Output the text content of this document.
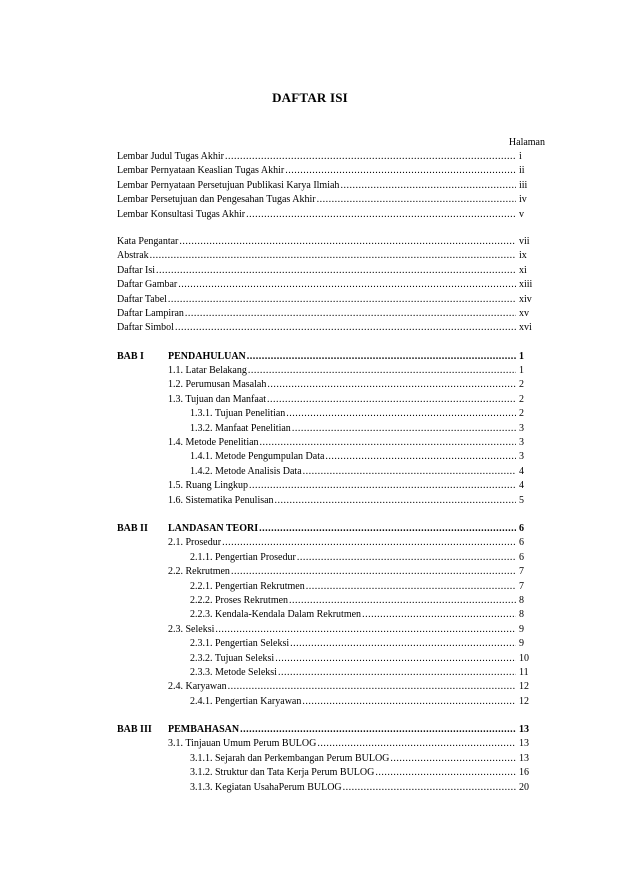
DAFTAR ISI
Halaman
Lembar Judul Tugas Akhir .....	i
Lembar Pernyataan Keaslian Tugas Akhir .....	ii
Lembar Pernyataan Persetujuan Publikasi Karya Ilmiah .....	iii
Lembar Persetujuan dan Pengesahan Tugas Akhir .....	iv
Lembar Konsultasi Tugas Akhir .....	v
Kata Pengantar .....	vii
Abstrak .....	ix
Daftar Isi .....	xi
Daftar Gambar .....	xiii
Daftar Tabel .....	xiv
Daftar Lampiran .....	xv
Daftar Simbol .....	xvi
BAB I PENDAHULUAN .....	1
1.1. Latar Belakang .....	1
1.2. Perumusan Masalah .....	2
1.3. Tujuan dan Manfaat .....	2
1.3.1. Tujuan Penelitian .....	2
1.3.2. Manfaat Penelitian .....	3
1.4. Metode Penelitian .....	3
1.4.1. Metode Pengumpulan Data .....	3
1.4.2. Metode Analisis Data .....	4
1.5. Ruang Lingkup .....	4
1.6. Sistematika Penulisan .....	5
BAB II LANDASAN TEORI .....	6
2.1. Prosedur .....	6
2.1.1. Pengertian Prosedur .....	6
2.2. Rekrutmen .....	7
2.2.1. Pengertian Rekrutmen .....	7
2.2.2. Proses Rekrutmen .....	8
2.2.3. Kendala-Kendala Dalam Rekrutmen .....	8
2.3. Seleksi .....	9
2.3.1. Pengertian Seleksi .....	9
2.3.2. Tujuan Seleksi .....	10
2.3.3. Metode Seleksi .....	11
2.4. Karyawan .....	12
2.4.1. Pengertian Karyawan .....	12
BAB III PEMBAHASAN .....	13
3.1. Tinjauan Umum Perum BULOG .....	13
3.1.1. Sejarah dan Perkembangan Perum BULOG .....	13
3.1.2. Struktur dan Tata Kerja Perum BULOG .....	16
3.1.3. Kegiatan UsahaPerum BULOG .....	20
